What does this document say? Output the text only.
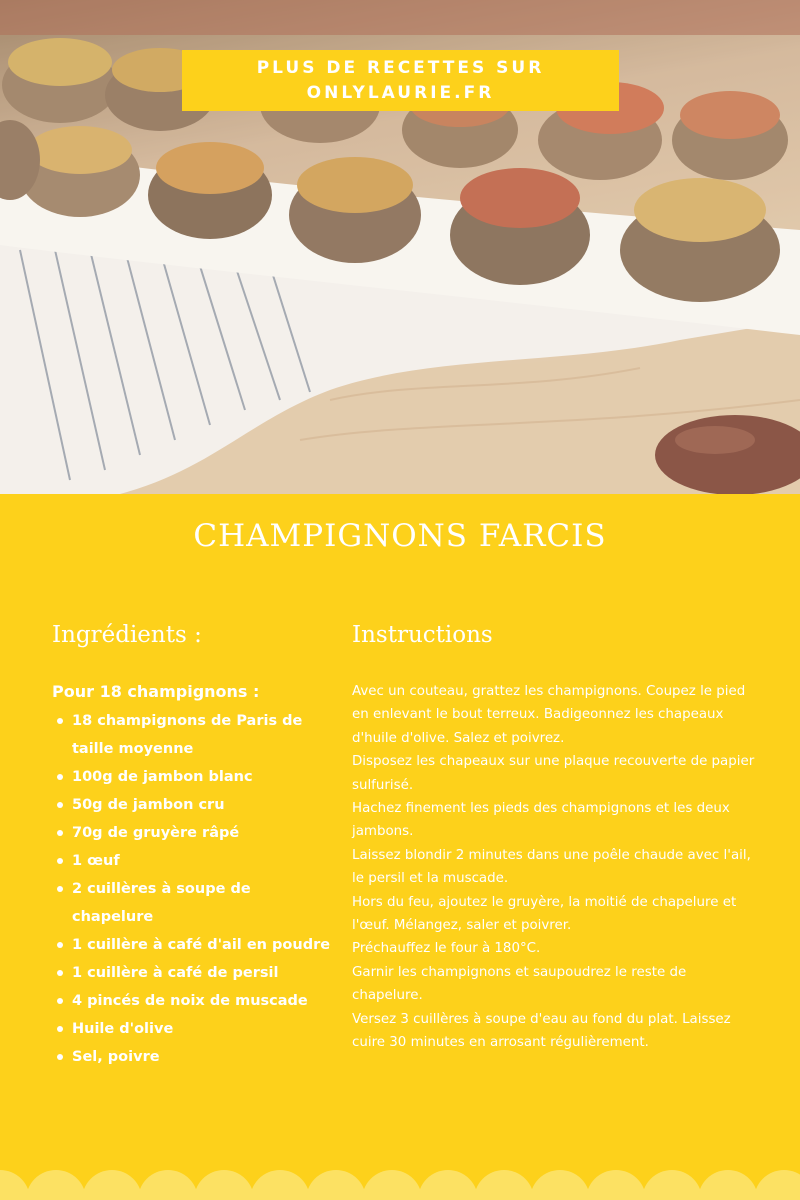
PLUS DE RECETTES SUR
ONLYLAURIE.FR
CHAMPIGNONS FARCIS
Ingrédients :

Pour 18 champignons :

18 champignons de Paris de taille moyenne
100g de jambon blanc
50g de jambon cru
70g de gruyère râpé
1 œuf
2 cuillères à soupe de chapelure
1 cuillère à café d'ail en poudre
1 cuillère à café de persil
4 pincés de noix de muscade
Huile d'olive
Sel, poivre
Instructions

Avec un couteau, grattez les champignons. Coupez le pied en enlevant le bout terreux. Badigeonnez les chapeaux d'huile d'olive. Salez et poivrez.

Disposez les chapeaux sur une plaque recouverte de papier sulfurisé.

Hachez finement les pieds des champignons et les deux jambons.

Laissez blondir 2 minutes dans une poêle chaude avec l'ail, le persil et la muscade.

Hors du feu, ajoutez le gruyère, la moitié de chapelure et l'œuf. Mélangez, saler et poivrer.

Préchauffez le four à 180°C.

Garnir les champignons et saupoudrez le reste de chapelure.

Versez 3 cuillères à soupe d'eau au fond du plat. Laissez cuire 30 minutes en arrosant régulièrement.
